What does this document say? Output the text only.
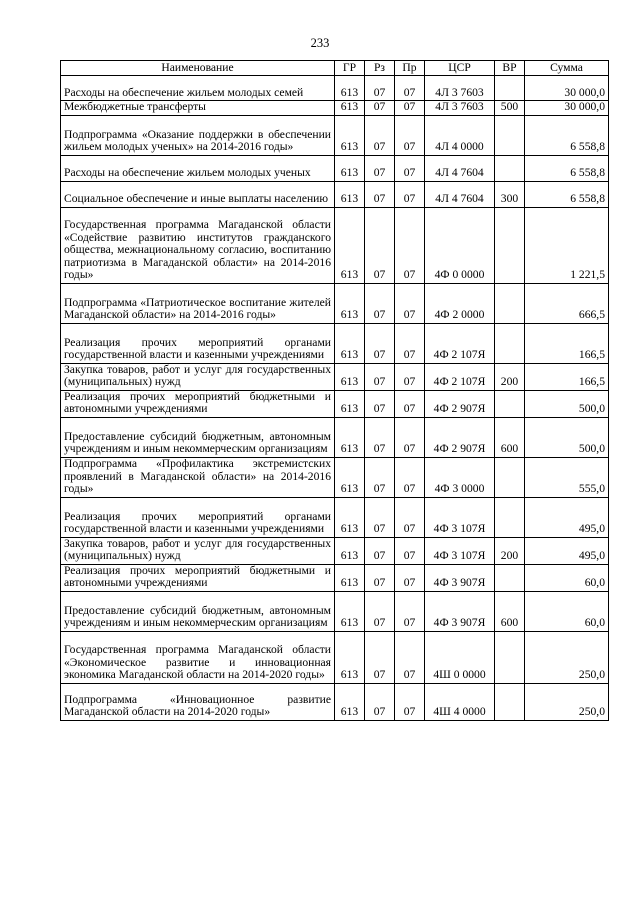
233
Наименование	ГР	Рз	Пр	ЦСР	ВР	Сумма
Расходы на обеспечение жильем молодых семей	613	07	07	4Л 3 7603		30 000,0
Межбюджетные трансферты	613	07	07	4Л 3 7603	500	30 000,0
Подпрограмма «Оказание поддержки в обеспечении жильем молодых ученых» на 2014-2016 годы»	613	07	07	4Л 4 0000		6 558,8
Расходы на обеспечение жильем молодых ученых	613	07	07	4Л 4 7604		6 558,8
Социальное обеспечение и иные выплаты населению	613	07	07	4Л 4 7604	300	6 558,8
Государственная программа Магаданской области «Содействие развитию институтов гражданского общества, межнациональному согласию, воспитанию патриотизма в Магаданской области» на 2014-2016 годы»	613	07	07	4Ф 0 0000		1 221,5
Подпрограмма «Патриотическое воспитание жителей Магаданской области» на 2014-2016 годы»	613	07	07	4Ф 2 0000		666,5
Реализация прочих мероприятий органами государственной власти и казенными учреждениями	613	07	07	4Ф 2 107Я		166,5
Закупка товаров, работ и услуг для государственных (муниципальных) нужд	613	07	07	4Ф 2 107Я	200	166,5
Реализация прочих мероприятий бюджетными и автономными учреждениями	613	07	07	4Ф 2 907Я		500,0
Предоставление субсидий бюджетным, автономным учреждениям и иным некоммерческим организациям	613	07	07	4Ф 2 907Я	600	500,0
Подпрограмма «Профилактика экстремистских проявлений в Магаданской области» на 2014-2016 годы»	613	07	07	4Ф 3 0000		555,0
Реализация прочих мероприятий органами государственной власти и казенными учреждениями	613	07	07	4Ф 3 107Я		495,0
Закупка товаров, работ и услуг для государственных (муниципальных) нужд	613	07	07	4Ф 3 107Я	200	495,0
Реализация прочих мероприятий бюджетными и автономными учреждениями	613	07	07	4Ф 3 907Я		60,0
Предоставление субсидий бюджетным, автономным учреждениям и иным некоммерческим организациям	613	07	07	4Ф 3 907Я	600	60,0
Государственная программа Магаданской области «Экономическое развитие и инновационная экономика Магаданской области на 2014-2020 годы»	613	07	07	4Ш 0 0000		250,0
Подпрограмма «Инновационное развитие Магаданской области на 2014-2020 годы»	613	07	07	4Ш 4 0000		250,0
